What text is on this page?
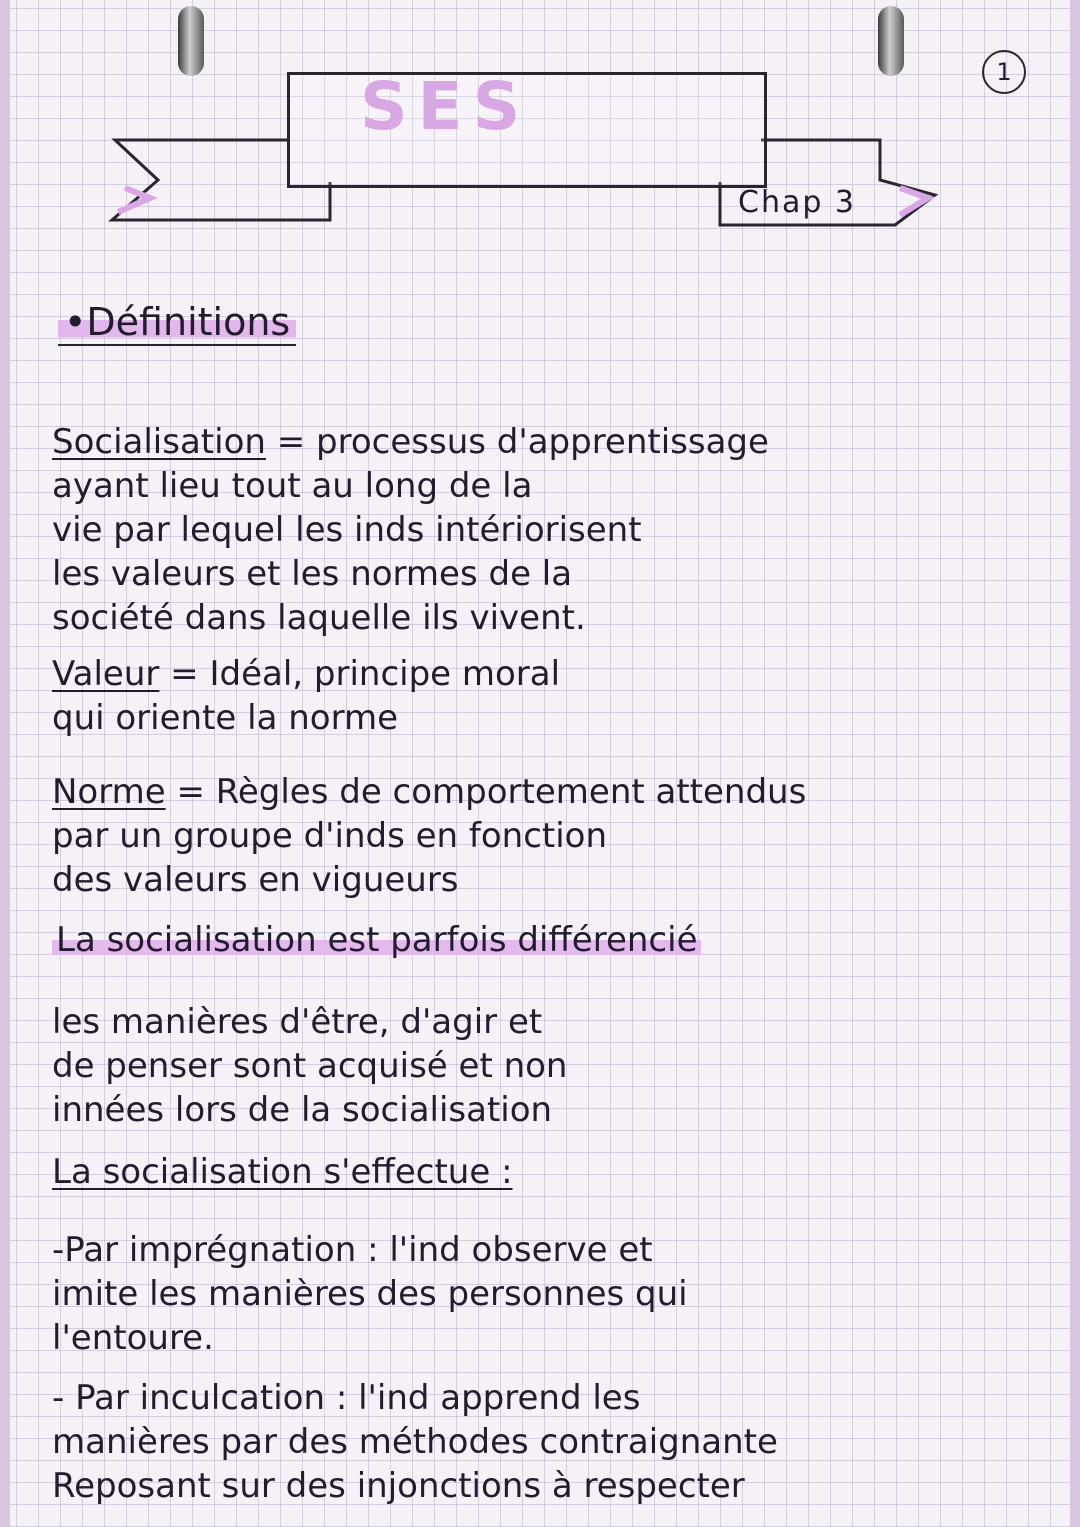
SES
Chap 3
1
•Définitions

Socialisation = processus d'apprentissage

ayant lieu tout au long de la

vie par lequel les inds intériorisent

les valeurs et les normes de la

société dans laquelle ils vivent.

Valeur = Idéal, principe moral

qui oriente la norme

Norme = Règles de comportement attendus

par un groupe d'inds en fonction

des valeurs en vigueurs

La socialisation est parfois différencié

les manières d'être, d'agir et

de penser sont acquisé et non

innées lors de la socialisation

La socialisation s'effectue :

-Par imprégnation : l'ind observe et

imite les manières des personnes qui

l'entoure.

- Par inculcation : l'ind apprend les

manières par des méthodes contraignante

Reposant sur des injonctions à respecter
